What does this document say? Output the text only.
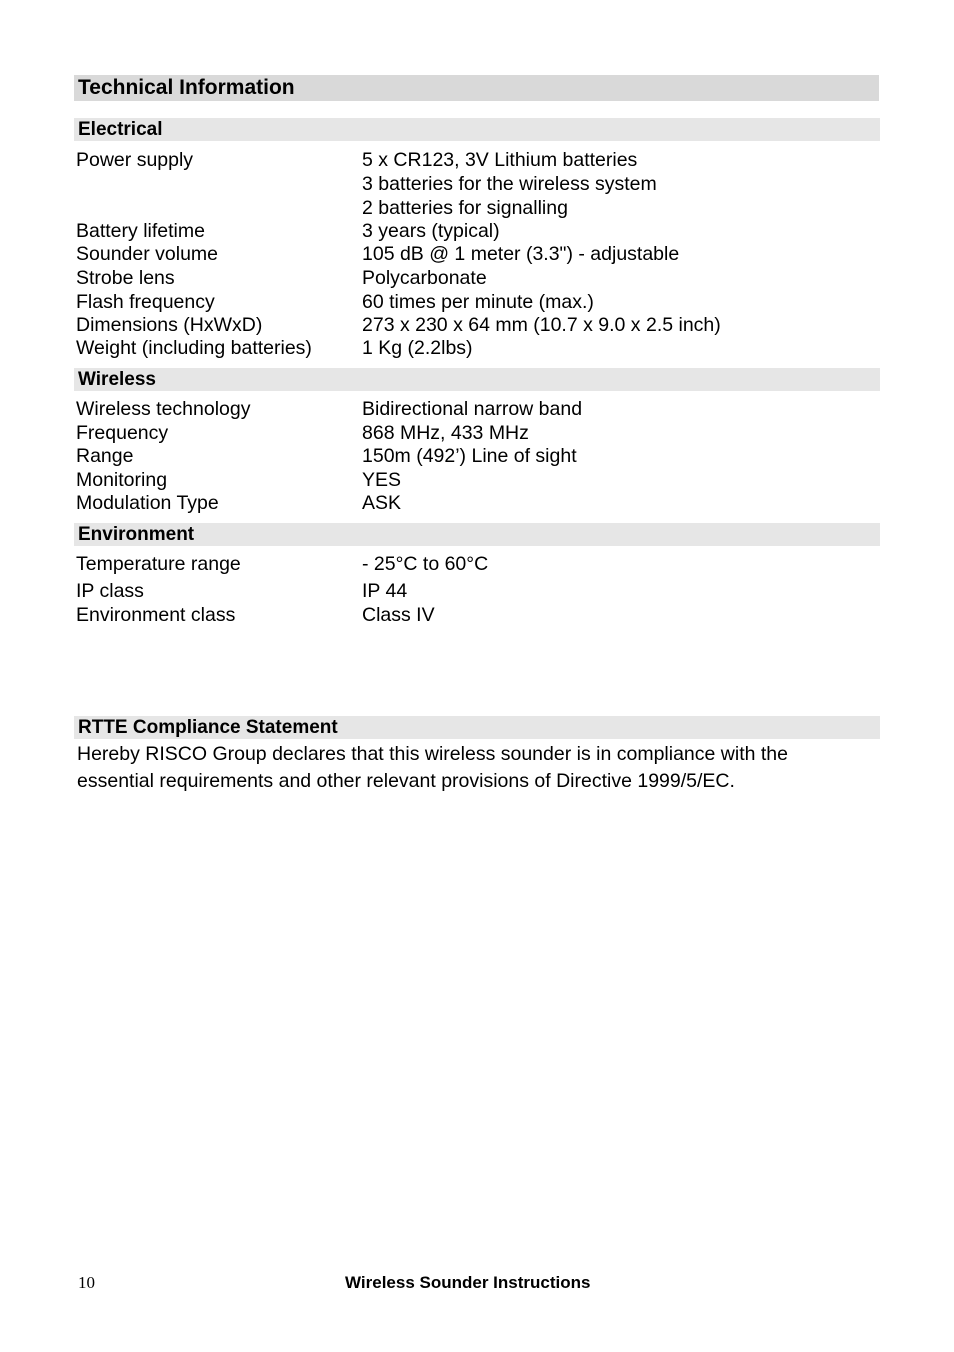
Technical Information
Electrical
Power supply	5 x CR123, 3V Lithium batteries
3 batteries for the wireless system
2 batteries for signalling
Battery lifetime	3 years (typical)
Sounder volume	105 dB @ 1 meter (3.3") - adjustable
Strobe lens	Polycarbonate
Flash frequency	60 times per minute (max.)
Dimensions (HxWxD)	273 x 230 x 64 mm (10.7 x 9.0 x 2.5 inch)
Weight (including batteries)	1 Kg (2.2lbs)
Wireless
Wireless technology	Bidirectional narrow band
Frequency	868 MHz, 433 MHz
Range	150m (492’) Line of sight
Monitoring	YES
Modulation Type	ASK
Environment
Temperature range	- 25°C to 60°C
IP class	IP 44
Environment class	Class IV
RTTE Compliance Statement

Hereby RISCO Group declares that this wireless sounder is in compliance with the

essential requirements and other relevant provisions of Directive 1999/5/EC.

10	Wireless Sounder Instructions
